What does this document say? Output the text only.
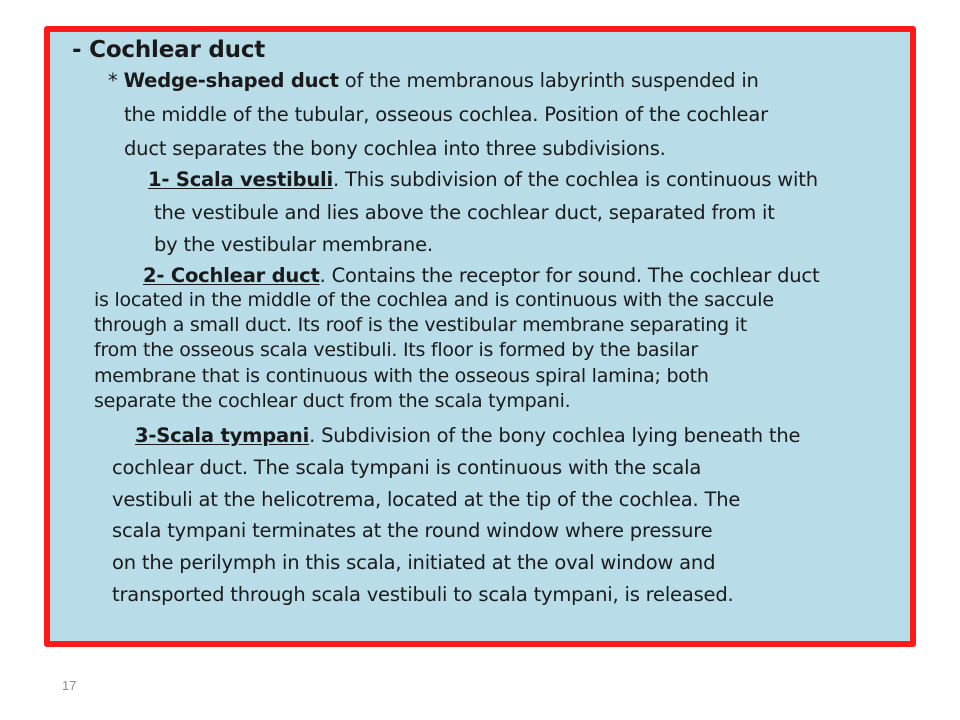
- Cochlear duct
* Wedge-shaped duct of the membranous labyrinth suspended in
the middle of the tubular, osseous cochlea. Position of the cochlear
duct separates the bony cochlea into three subdivisions.
1- Scala vestibuli. This subdivision of the cochlea is continuous with
the vestibule and lies above the cochlear duct, separated from it
by the vestibular membrane.
2- Cochlear duct. Contains the receptor for sound. The cochlear duct
is located in the middle of the cochlea and is continuous with the saccule
through a small duct. Its roof is the vestibular membrane separating it
from the osseous scala vestibuli. Its floor is formed by the basilar
membrane that is continuous with the osseous spiral lamina; both
separate the cochlear duct from the scala tympani.
3-Scala tympani. Subdivision of the bony cochlea lying beneath the
cochlear duct. The scala tympani is continuous with the scala
vestibuli at the helicotrema, located at the tip of the cochlea. The
scala tympani terminates at the round window where pressure
on the perilymph in this scala, initiated at the oval window and
transported through scala vestibuli to scala tympani, is released.
17
